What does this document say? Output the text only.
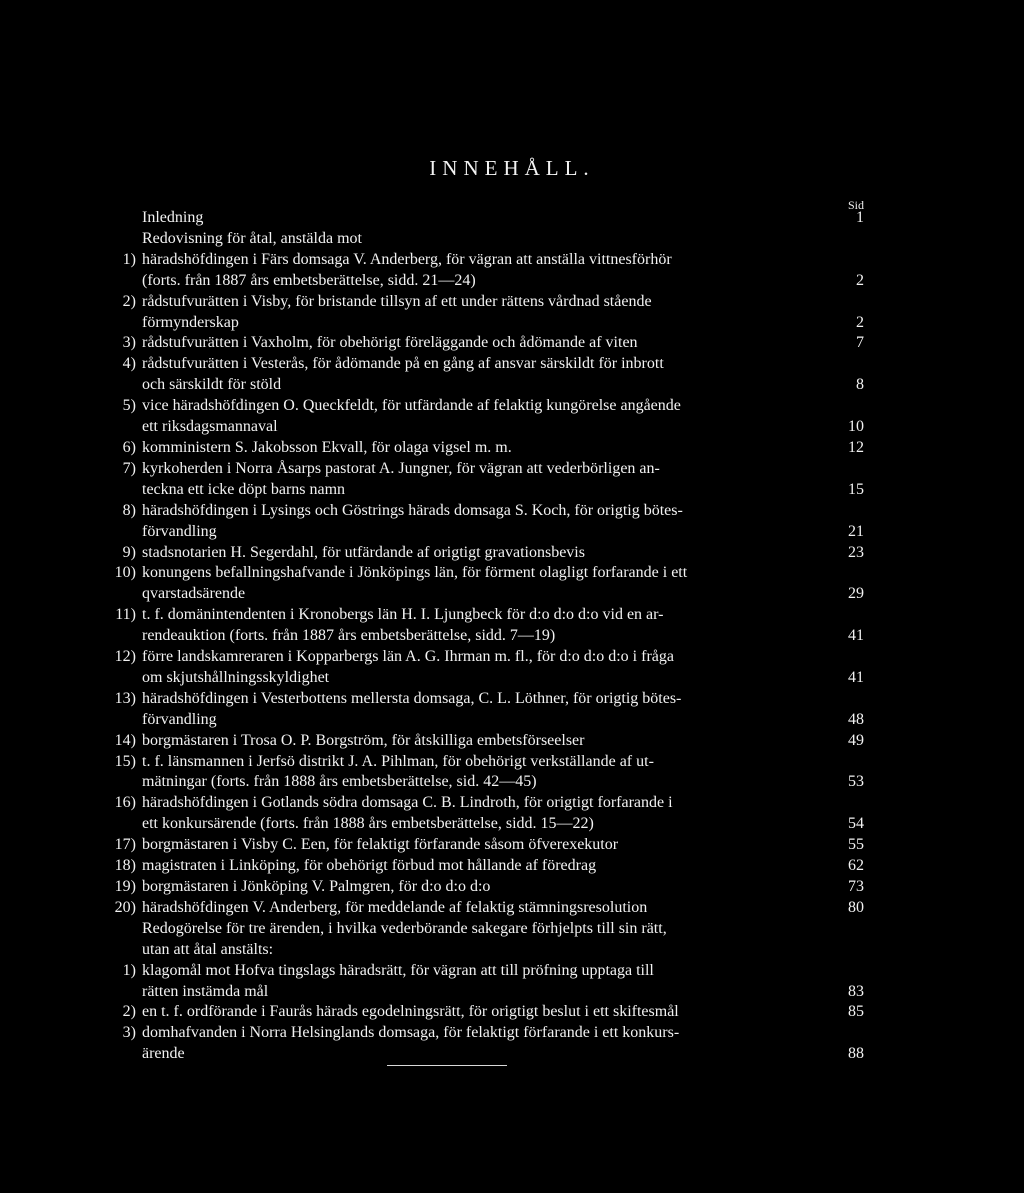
INNEHÅLL.
Sid
Inledning	1
Redovisning för åtal, anstälda mot
1) häradshöfdingen i Färs domsaga V. Anderberg, för vägran att anställa vittnesförhör
(forts. från 1887 års embetsberättelse, sidd. 21—24)	2
2) rådstufvurätten i Visby, för bristande tillsyn af ett under rättens vårdnad stående
förmynderskap	2
3) rådstufvurätten i Vaxholm, för obehörigt föreläggande och ådömande af viten	7
4) rådstufvurätten i Vesterås, för ådömande på en gång af ansvar särskildt för inbrott
och särskildt för stöld	8
5) vice häradshöfdingen O. Queckfeldt, för utfärdande af felaktig kungörelse angående
ett riksdagsmannaval	10
6) komministern S. Jakobsson Ekvall, för olaga vigsel m. m.	12
7) kyrkoherden i Norra Åsarps pastorat A. Jungner, för vägran att vederbörligen an-
teckna ett icke döpt barns namn	15
8) häradshöfdingen i Lysings och Göstrings härads domsaga S. Koch, för origtig bötes-
förvandling	21
9) stadsnotarien H. Segerdahl, för utfärdande af origtigt gravationsbevis	23
10) konungens befallningshafvande i Jönköpings län, för förment olagligt forfarande i ett
qvarstadsärende	29
11) t. f. domänintendenten i Kronobergs län H. I. Ljungbeck för d:o d:o d:o vid en ar-
rendeauktion (forts. från 1887 års embetsberättelse, sidd. 7—19)	41
12) förre landskamreraren i Kopparbergs län A. G. Ihrman m. fl., för d:o d:o d:o i fråga
om skjutshållningsskyldighet	41
13) häradshöfdingen i Vesterbottens mellersta domsaga, C. L. Löthner, för origtig bötes-
förvandling	48
14) borgmästaren i Trosa O. P. Borgström, för åtskilliga embetsförseelser	49
15) t. f. länsmannen i Jerfsö distrikt J. A. Pihlman, för obehörigt verkställande af ut-
mätningar (forts. från 1888 års embetsberättelse, sid. 42—45)	53
16) häradshöfdingen i Gotlands södra domsaga C. B. Lindroth, för origtigt forfarande i
ett konkursärende (forts. från 1888 års embetsberättelse, sidd. 15—22)	54
17) borgmästaren i Visby C. Een, för felaktigt förfarande såsom öfverexekutor	55
18) magistraten i Linköping, för obehörigt förbud mot hållande af föredrag	62
19) borgmästaren i Jönköping V. Palmgren, för d:o d:o d:o	73
20) häradshöfdingen V. Anderberg, för meddelande af felaktig stämningsresolution	80
Redogörelse för tre ärenden, i hvilka vederbörande sakegare förhjelpts till sin rätt,
utan att åtal anstälts:
1) klagomål mot Hofva tingslags häradsrätt, för vägran att till pröfning upptaga till
rätten instämda mål	83
2) en t. f. ordförande i Faurås härads egodelningsrätt, för origtigt beslut i ett skiftesmål	85
3) domhafvanden i Norra Helsinglands domsaga, för felaktigt förfarande i ett konkurs-
ärende	88
